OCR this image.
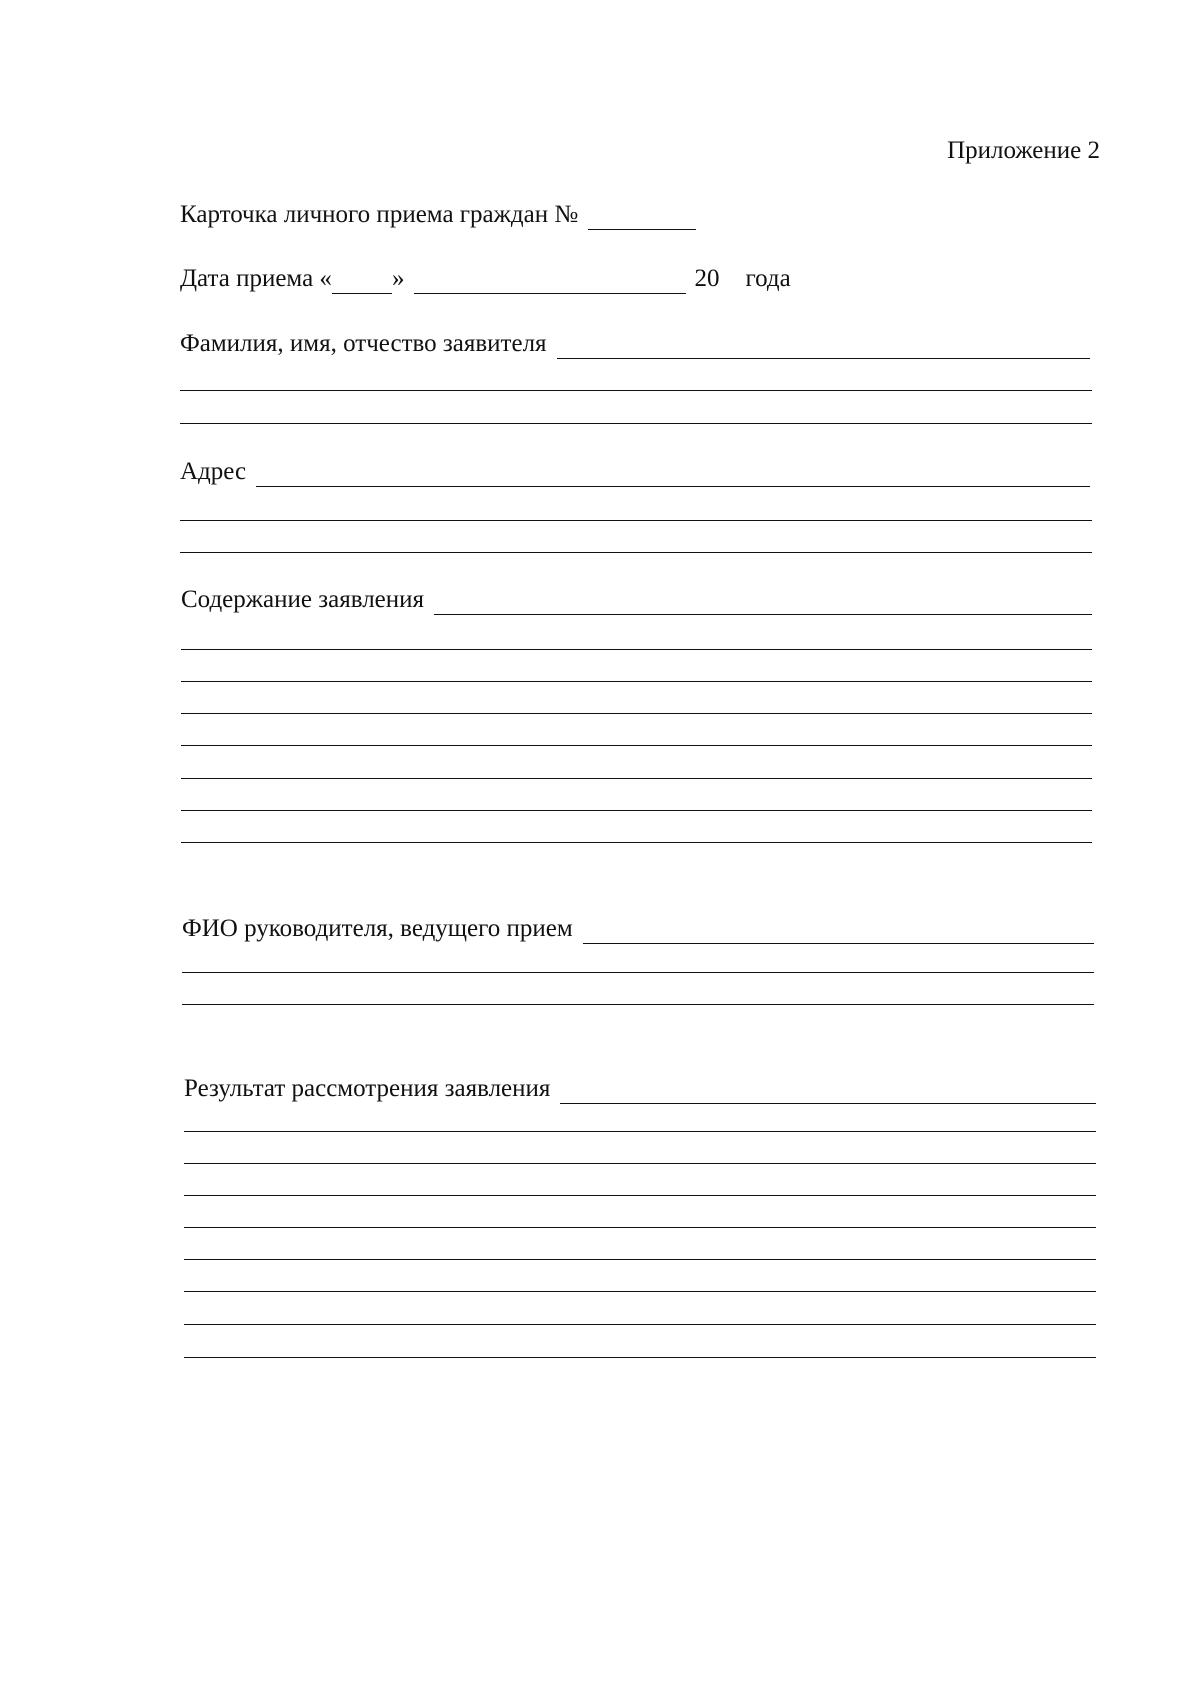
Приложение 2
Карточка личного приема граждан №
Дата приема « »	20 года
Фамилия, имя, отчество заявителя
Адрес
Содержание заявления
ФИО руководителя, ведущего прием
Результат рассмотрения заявления
